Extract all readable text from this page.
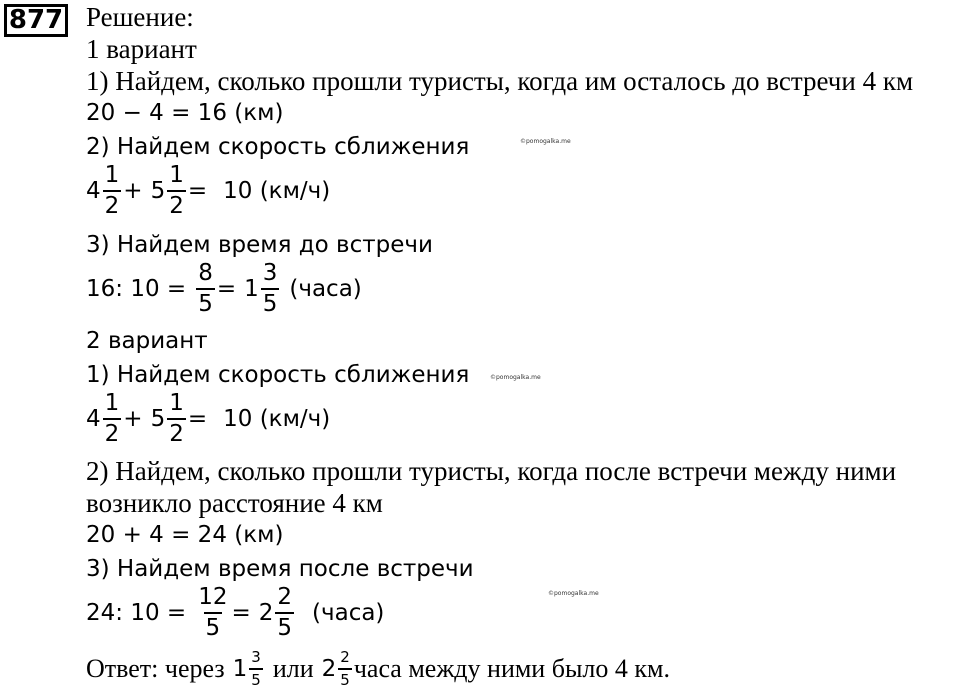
877 Решение:
1 вариант
1) Найдем, сколько прошли туристы, когда им осталось до встречи 4 км
20 − 4 = 16 (км)
2) Найдем скорость сближения	©pomogalka.me
$4 \frac{1}{2} + 5 \frac{1}{2} = 10$ (км/ч)
3) Найдем время до встречи
16: $10 = \frac{8}{5} = 1 \frac{3}{5}$ (часа)
2 вариант
1) Найдем скорость сближения	©pomogalka.me
$4 \frac{1}{2} + 5 \frac{1}{2} = 10$ (км/ч)
2) Найдем, сколько прошли туристы, когда после встречи между ними
возникло расстояние 4 км
20 + 4 = 24 (км)
3) Найдем время после встречи
©pomogalka.me
24: $10 = \frac{12}{5} = 2 \frac{2}{5}$ (часа)
Ответ: через $1 \frac{3}{5}$ или $2 \frac{2}{5}$ часа между ними было 4 км.
